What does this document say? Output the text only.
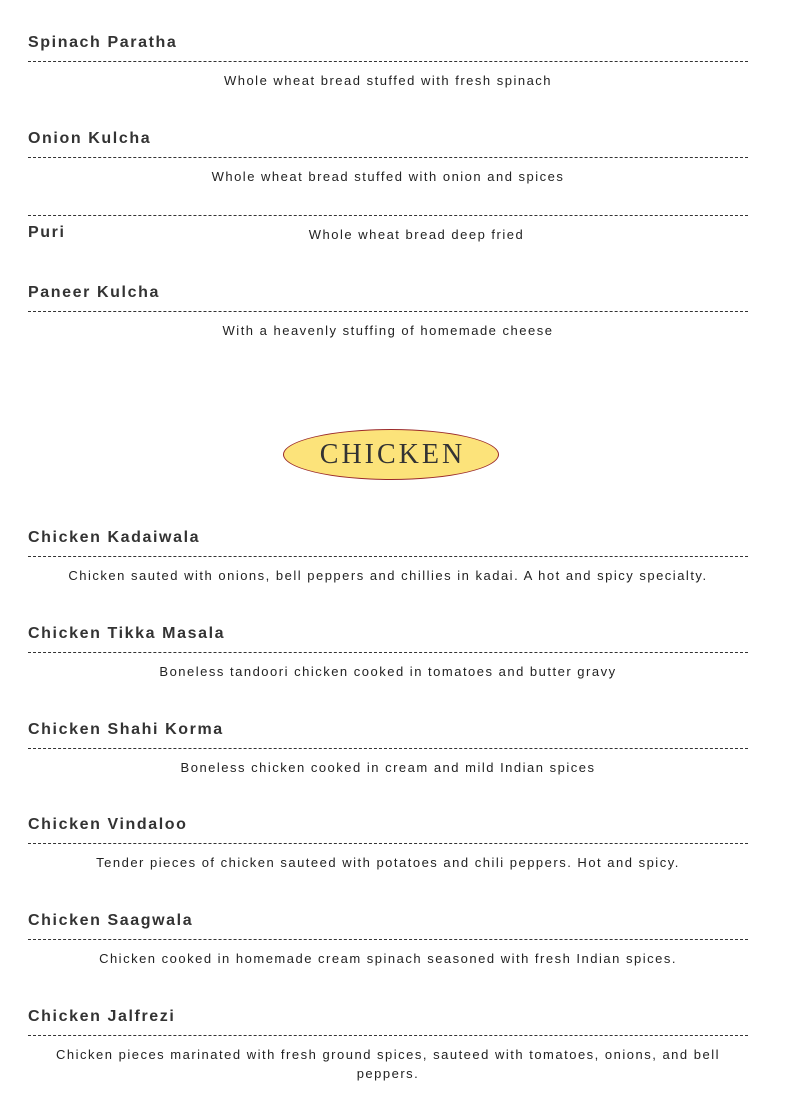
Spinach Paratha
Whole wheat bread stuffed with fresh spinach
Onion Kulcha
Whole wheat bread stuffed with onion and spices
Puri	Whole wheat bread deep fried
Paneer Kulcha
With a heavenly stuffing of homemade cheese
Chicken Kadaiwala
Chicken sauted with onions, bell peppers and chillies in kadai. A hot and spicy specialty.
Chicken Tikka Masala
Boneless tandoori chicken cooked in tomatoes and butter gravy
Chicken Shahi Korma
Boneless chicken cooked in cream and mild Indian spices
Chicken Vindaloo
Tender pieces of chicken sauteed with potatoes and chili peppers. Hot and spicy.
Chicken Saagwala
Chicken cooked in homemade cream spinach seasoned with fresh Indian spices.
Chicken Jalfrezi
Chicken pieces marinated with fresh ground spices, sauteed with tomatoes, onions, and bell peppers.
CHICKEN
